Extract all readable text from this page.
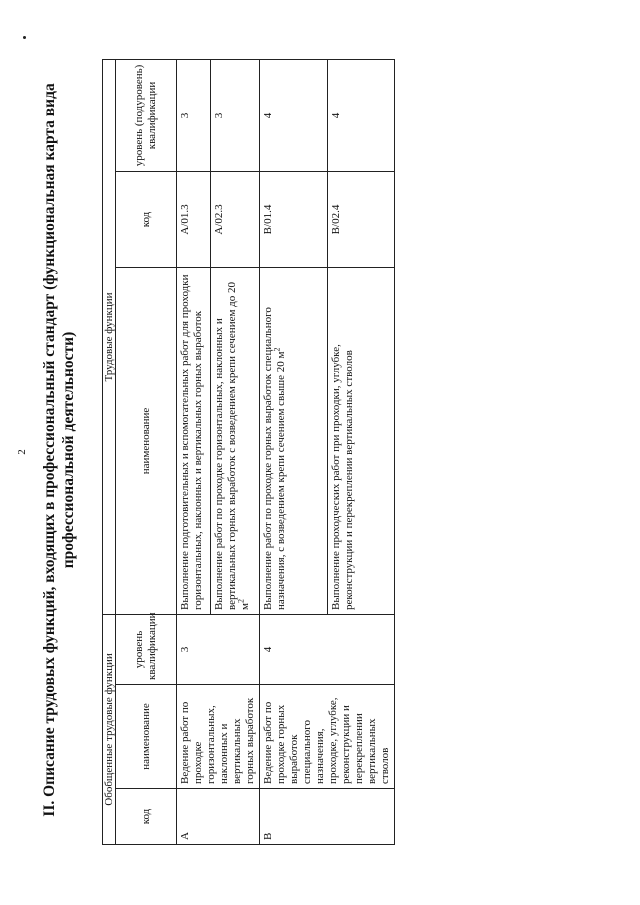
2 II. Описание трудовых функций, входящих в профессиональный стандарт (функциональная карта вида профессиональной деятельности)
Обобщенные трудовые функции			Трудовые функции		
код	наименование	уровень квалификации	наименование	код	уровень (подуровень) квалификации
А	Ведение работ по проходке горизонтальных, наклонных и вертикальных горных выработок	3	Выполнение подготовительных и вспомогательных работ для проходки горизонтальных, наклонных и вертикальных горных выработок	А/01.3	3
			Выполнение работ по проходке горизонтальных, наклонных и вертикальных горных выработок с возведением крепи сечением до 20 $м^2$	А/02.3	3
В	Ведение работ по проходке горных выработок специального назначения, проходке, углубке, реконструкции и перекреплении вертикальных стволов	4	Выполнение работ по проходке горных выработок специального назначения, с возведением крепи сечением свыше 20 $м^2$	В/01.4	4
			Выполнение проходческих работ при проходки, углубке, реконструкции и перекреплении вертикальных стволов	В/02.4	4
